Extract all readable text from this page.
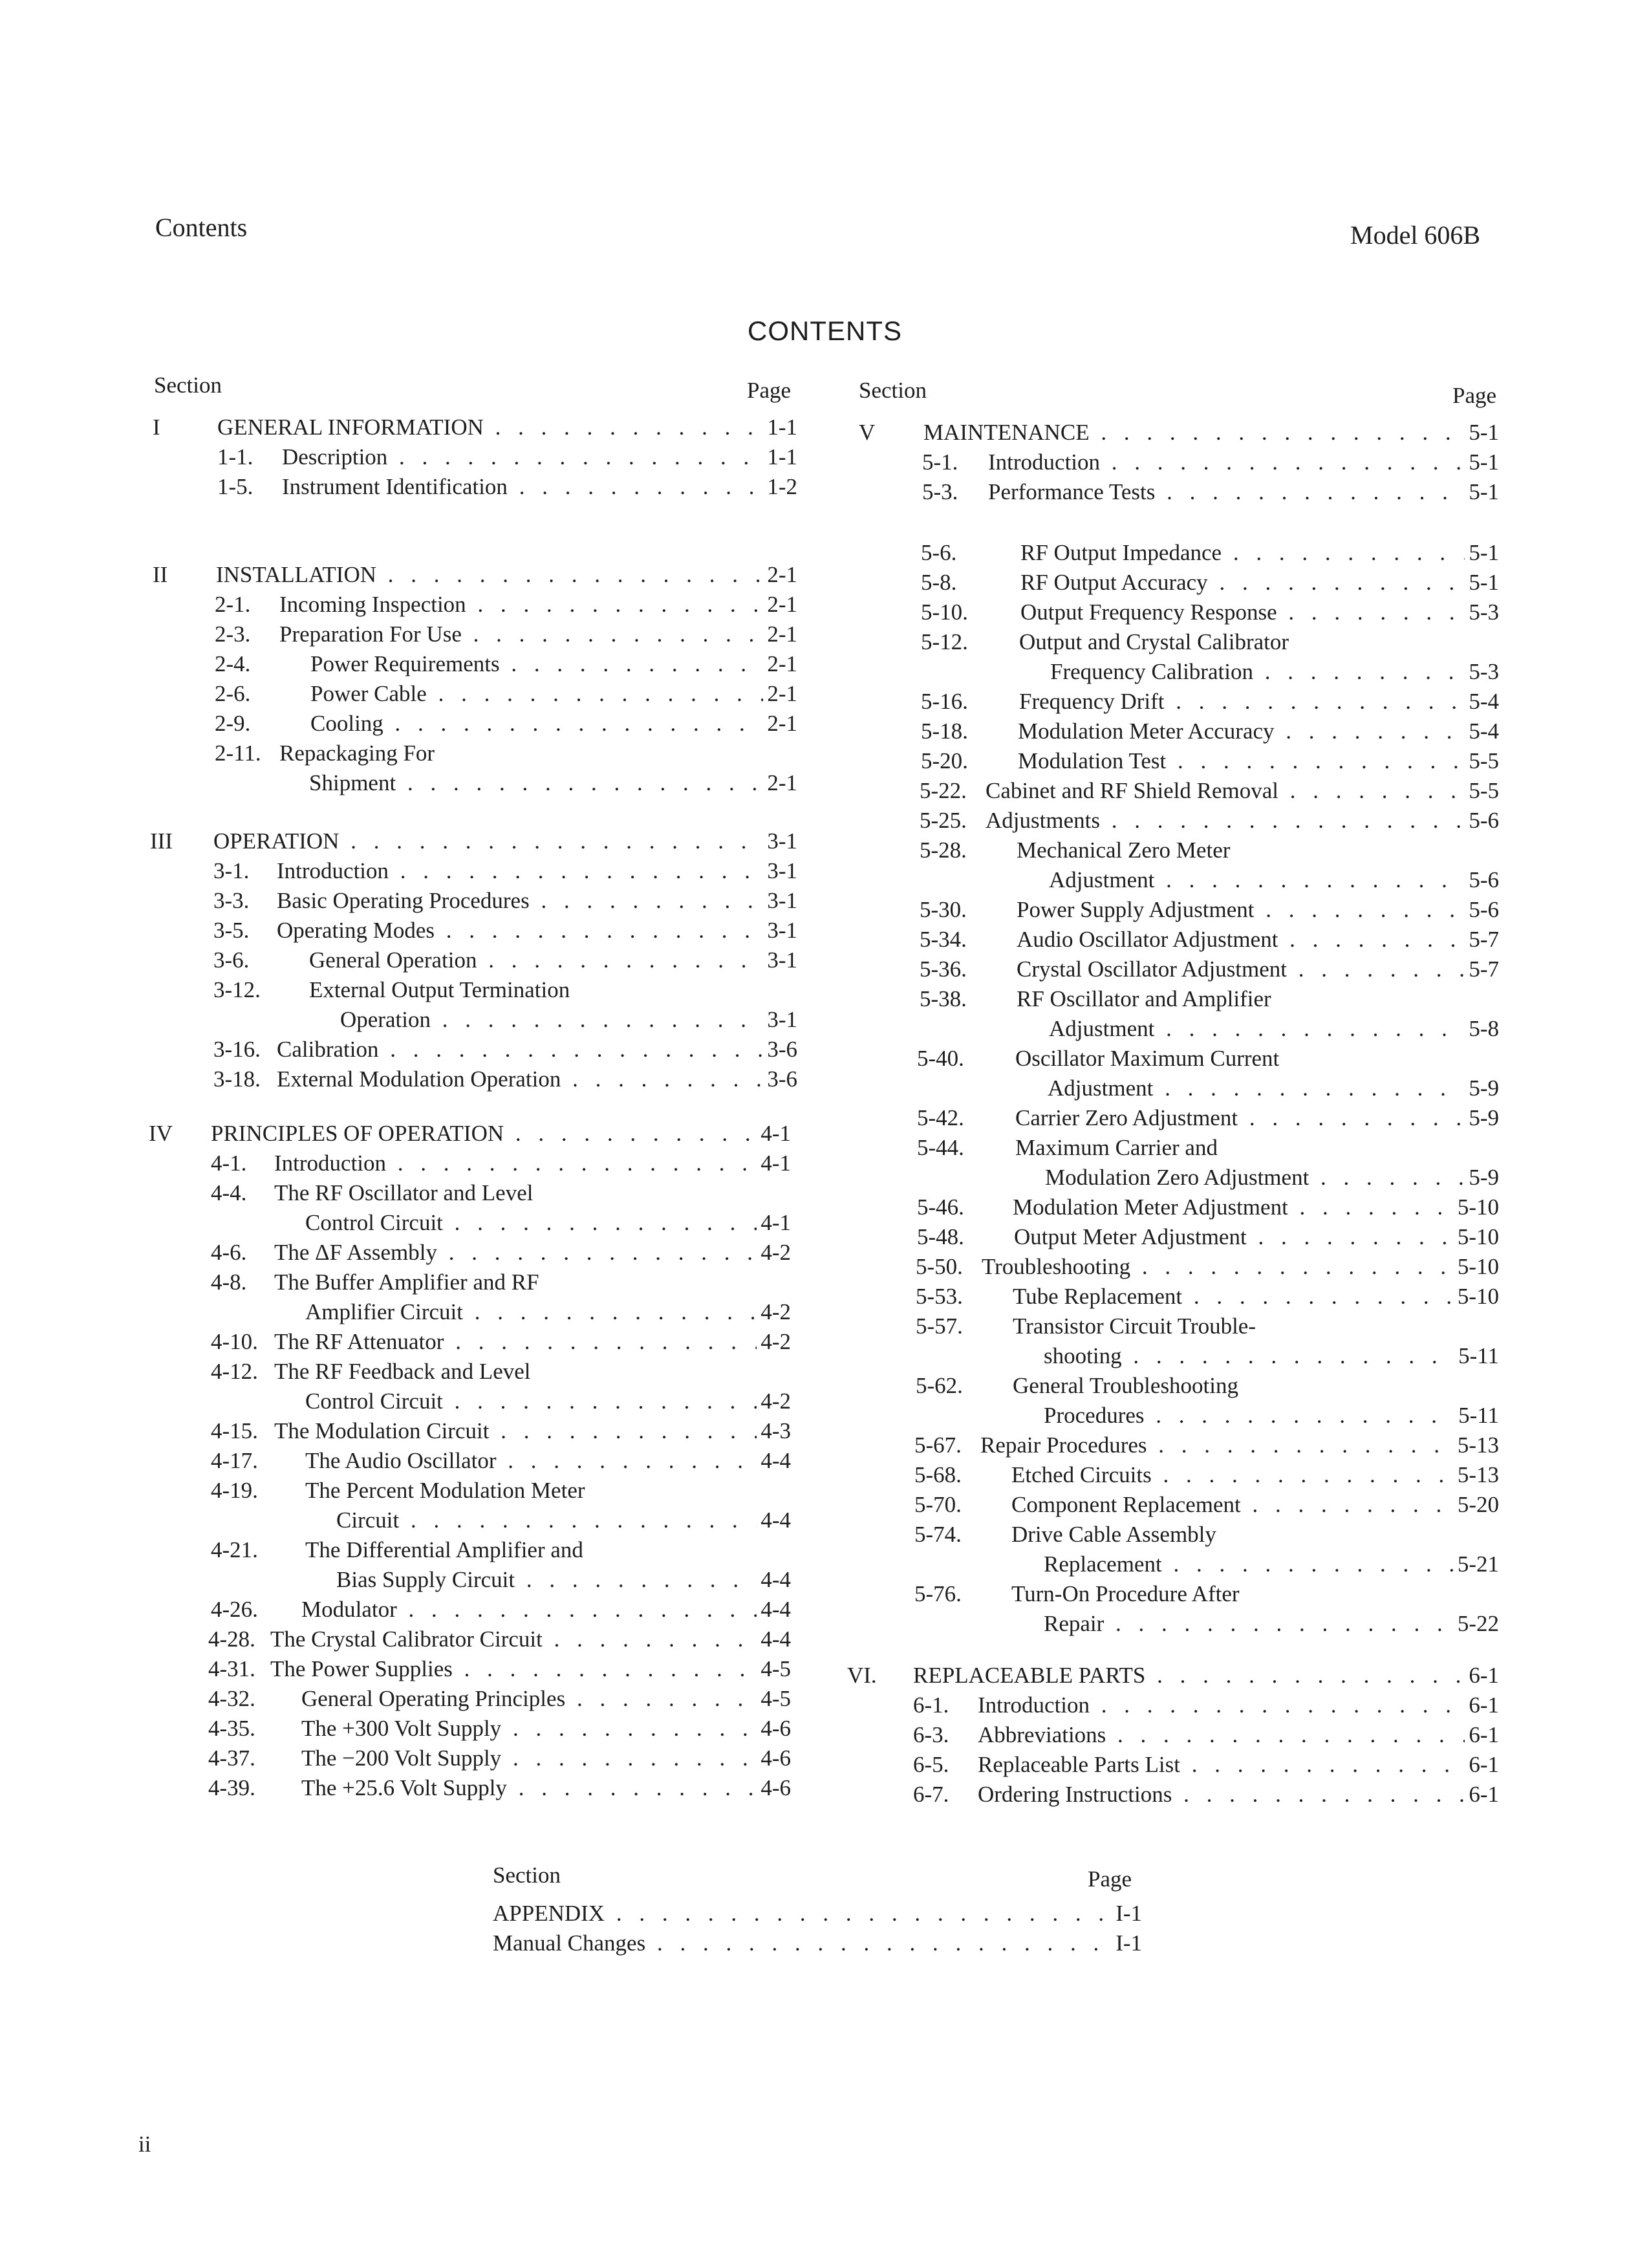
Contents	Model 606B
CONTENTS
Section	Page	Section	Page
I	GENERAL INFORMATION . . .	1-1
1-1. Description . . .	1-1
1-5. Instrument Identification . . .	1-2
II INSTALLATION . . .	2-1
2-1. Incoming Inspection . . .	2-1
2-3. Preparation For Use . . .	2-1
2-4.	Power Requirements . . .	2-1
2-6.	Power Cable . . .	2-1
2-9.	Cooling . . .	2-1
2-11. Repackaging For
Shipment . . .	2-1
III OPERATION . . .	3-1
3-1. Introduction . . .	3-1
3-3. Basic Operating Procedures . . .	3-1
3-5. Operating Modes . . .	3-1
3-6.	General Operation . . .	3-1
3-12. External Output Termination
Operation . . .	3-1
3-16. Calibration . . .	3-6
3-18. External Modulation Operation . . .	3-6
IV PRINCIPLES OF OPERATION . . .	4-1
4-1. Introduction . . .	4-1
4-4. The RF Oscillator and Level
Control Circuit . . .	4-1
4-6. The ΔF Assembly . . .	4-2
4-8. The Buffer Amplifier and RF
Amplifier Circuit . . .	4-2
4-10. The RF Attenuator . . .	4-2
4-12. The RF Feedback and Level
Control Circuit . . .	4-2
4-15. The Modulation Circuit . . .	4-3
4-17. The Audio Oscillator . . .	4-4
4-19. The Percent Modulation Meter
Circuit . . .	4-4
4-21. The Differential Amplifier and
Bias Supply Circuit . . .	4-4
4-26. Modulator . . .	4-4
4-28. The Crystal Calibrator Circuit . . .	4-4
4-31. The Power Supplies . . .	4-5
4-32. General Operating Principles . . .	4-5
4-35. The +300 Volt Supply . . .	4-6
4-37. The −200 Volt Supply . . .	4-6
4-39. The +25.6 Volt Supply . . .	4-6
V MAINTENANCE . . .	5-1
5-1. Introduction . . .	5-1
5-3. Performance Tests . . .	5-1
5-6.	RF Output Impedance . . .	5-1
5-8.	RF Output Accuracy . . .	5-1
5-10. Output Frequency Response . . .	5-3
5-12. Output and Crystal Calibrator
Frequency Calibration . . .	5-3
5-16. Frequency Drift . . .	5-4
5-18. Modulation Meter Accuracy . . .	5-4
5-20. Modulation Test . . .	5-5
5-22. Cabinet and RF Shield Removal . . .	5-5
5-25. Adjustments . . .	5-6
5-28. Mechanical Zero Meter
Adjustment . . .	5-6
5-30. Power Supply Adjustment . . .	5-6
5-34. Audio Oscillator Adjustment . . .	5-7
5-36. Crystal Oscillator Adjustment . . .	5-7
5-38. RF Oscillator and Amplifier
Adjustment . . .	5-8
5-40. Oscillator Maximum Current
Adjustment . . .	5-9
5-42. Carrier Zero Adjustment . . .	5-9
5-44. Maximum Carrier and
Modulation Zero Adjustment . . .	5-9
5-46. Modulation Meter Adjustment . . .	5-10
5-48. Output Meter Adjustment . . .	5-10
5-50. Troubleshooting . . .	5-10
5-53. Tube Replacement . . .	5-10
5-57. Transistor Circuit Trouble-
shooting . . .	5-11
5-62. General Troubleshooting
Procedures . . .	5-11
5-67. Repair Procedures . . .	5-13
5-68. Etched Circuits . . .	5-13
5-70. Component Replacement . . .	5-20
5-74. Drive Cable Assembly
Replacement . . .	5-21
5-76. Turn-On Procedure After
Repair . . .	5-22
VI. REPLACEABLE PARTS . . .	6-1
6-1. Introduction . . .	6-1
6-3. Abbreviations . . .	6-1
6-5. Replaceable Parts List . . .	6-1
6-7. Ordering Instructions . . .	6-1
Section	Page
APPENDIX . . .	I-1
Manual Changes . . .	I-1
ii
